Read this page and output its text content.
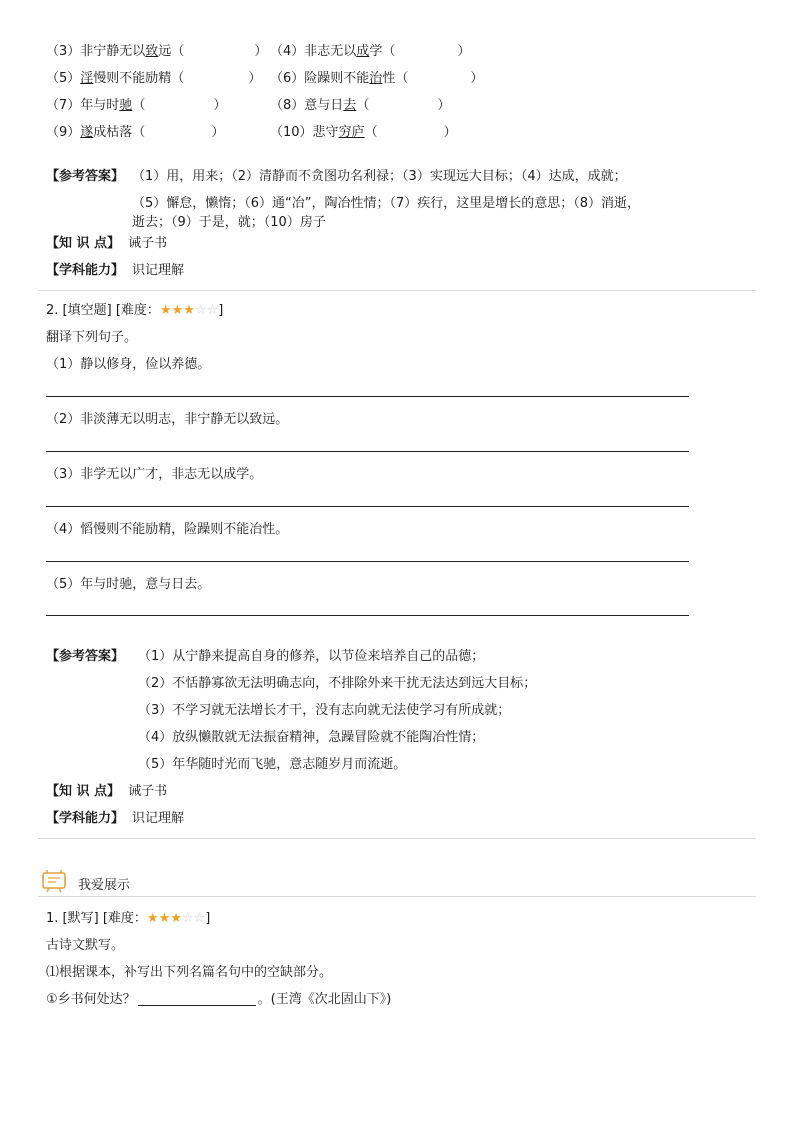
（3）非宁静无以致远（	） （4）非志无以成学（	）
（5）淫慢则不能励精（	） （6）险躁则不能治性（	）
（7）年与时驰（	）	（8）意与日去（	）
（9）遂成枯落（	）	（10）悲守穷庐（	）
【参考答案】 （1）用，用来；（2）清静而不贪图功名利禄；（3）实现远大目标；（4）达成，成就；
（5）懈怠，懒惰；（6）通“冶”，陶冶性情；（7）疾行，这里是增长的意思；（8）消逝，
逝去；（9）于是，就；（10）房子
【知 识 点】 诫子书
【学科能力】 识记理解
2. [填空题] [难度：★★★☆☆]
翻译下列句子。
（1）静以修身，俭以养德。
（2）非淡薄无以明志，非宁静无以致远。
（3）非学无以广才，非志无以成学。
（4）慆慢则不能励精，险躁则不能冶性。
（5）年与时驰，意与日去。
【参考答案】 （1）从宁静来提高自身的修养，以节俭来培养自己的品德；
（2）不恬静寡欲无法明确志向，不排除外来干扰无法达到远大目标；
（3）不学习就无法增长才干，没有志向就无法使学习有所成就；
（4）放纵懒散就无法振奋精神，急躁冒险就不能陶冶性情；
（5）年华随时光而飞驰，意志随岁月而流逝。
【知 识 点】 诫子书
【学科能力】 识记理解
我爱展示
1. [默写] [难度：★★★☆☆]
古诗文默写。
⑴根据课本，补写出下列名篇名句中的空缺部分。
①乡书何处达？	。(王湾《次北固山下》)
